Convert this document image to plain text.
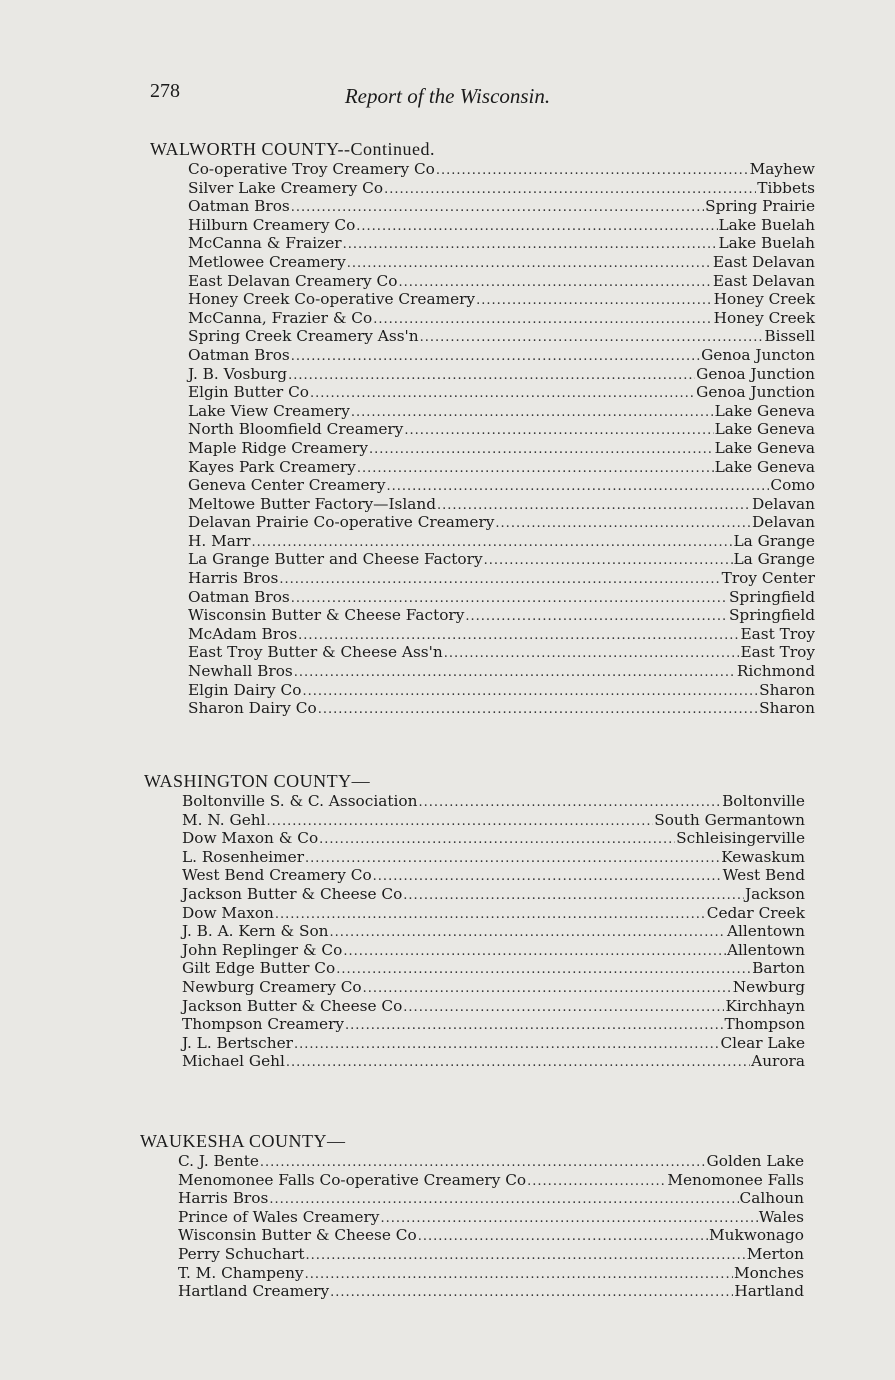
278	Report of the Wisconsin.
WALWORTH COUNTY--Continued.
Co-operative Troy Creamery Co .....	Mayhew
Silver Lake Creamery Co .....	Tibbets
Oatman Bros .....	Spring Prairie
Hilburn Creamery Co .....	Lake Buelah
McCanna & Fraizer .....	Lake Buelah
Metlowee Creamery .....	East Delavan
East Delavan Creamery Co .....	East Delavan
Honey Creek Co-operative Creamery .....	Honey Creek
McCanna, Frazier & Co .....	Honey Creek
Spring Creek Creamery Ass'n .....	Bissell
Oatman Bros .....	Genoa Juncton
J. B. Vosburg .....	Genoa Junction
Elgin Butter Co .....	Genoa Junction
Lake View Creamery .....	Lake Geneva
North Bloomfield Creamery .....	Lake Geneva
Maple Ridge Creamery .....	Lake Geneva
Kayes Park Creamery .....	Lake Geneva
Geneva Center Creamery .....	Como
Meltowe Butter Factory—Island .....	Delavan
Delavan Prairie Co-operative Creamery .....	Delavan
H. Marr .....	La Grange
La Grange Butter and Cheese Factory .....	La Grange
Harris Bros .....	Troy Center
Oatman Bros .....	Springfield
Wisconsin Butter & Cheese Factory .....	Springfield
McAdam Bros .....	East Troy
East Troy Butter & Cheese Ass'n .....	East Troy
Newhall Bros .....	Richmond
Elgin Dairy Co .....	Sharon
Sharon Dairy Co .....	Sharon
WASHINGTON COUNTY—
Boltonville S. & C. Association .....	Boltonville
M. N. Gehl .....	South Germantown
Dow Maxon & Co .....	Schleisingerville
L. Rosenheimer .....	Kewaskum
West Bend Creamery Co .....	West Bend
Jackson Butter & Cheese Co .....	Jackson
Dow Maxon .....	Cedar Creek
J. B. A. Kern & Son .....	Allentown
John Replinger & Co .....	Allentown
Gilt Edge Butter Co .....	Barton
Newburg Creamery Co .....	Newburg
Jackson Butter & Cheese Co .....	Kirchhayn
Thompson Creamery .....	Thompson
J. L. Bertscher .....	Clear Lake
Michael Gehl .....	Aurora
WAUKESHA COUNTY—
C. J. Bente .....	Golden Lake
Menomonee Falls Co-operative Creamery Co .....	Menomonee Falls
Harris Bros .....	Calhoun
Prince of Wales Creamery .....	Wales
Wisconsin Butter & Cheese Co .....	Mukwonago
Perry Schuchart .....	Merton
T. M. Champeny .....	Monches
Hartland Creamery .....	Hartland
